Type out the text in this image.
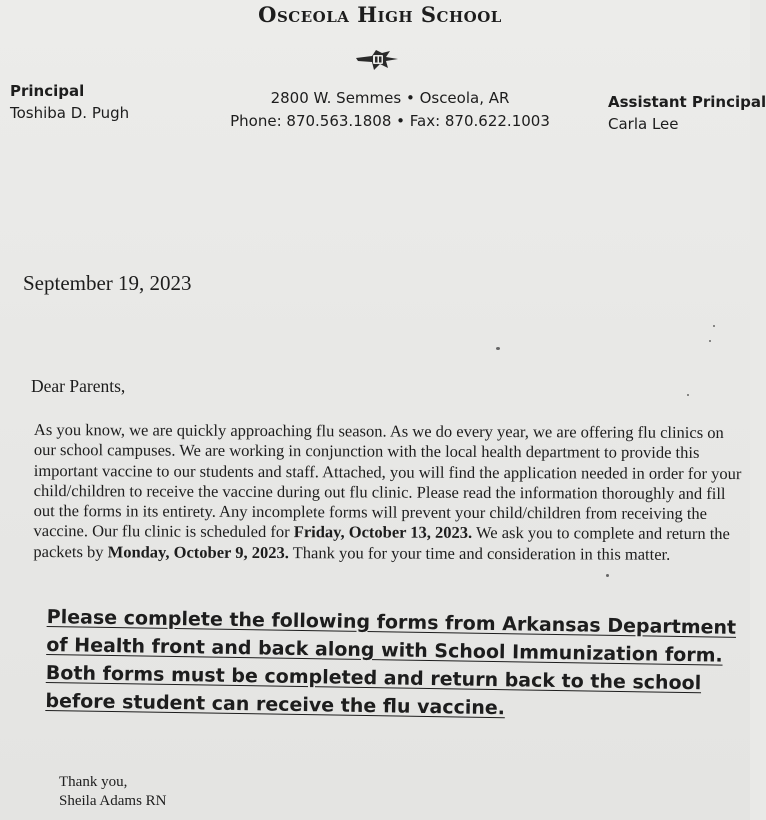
Osceola High School
Principal
Toshiba D. Pugh
2800 W. Semmes • Osceola, AR
Phone: 870.563.1808 • Fax: 870.622.1003
Assistant Principal
Carla Lee
September 19, 2023
Dear Parents,
As you know, we are quickly approaching flu season. As we do every year, we are offering flu clinics on our school campuses. We are working in conjunction with the local health department to provide this important vaccine to our students and staff. Attached, you will find the application needed in order for your child/children to receive the vaccine during out flu clinic. Please read the information thoroughly and fill out the forms in its entirety. Any incomplete forms will prevent your child/children from receiving the vaccine. Our flu clinic is scheduled for Friday, October 13, 2023. We ask you to complete and return the packets by Monday, October 9, 2023. Thank you for your time and consideration in this matter.
Please complete the following forms from Arkansas Department of Health front and back along with School Immunization form. Both forms must be completed and return back to the school before student can receive the flu vaccine.
Thank you,
Sheila Adams RN
